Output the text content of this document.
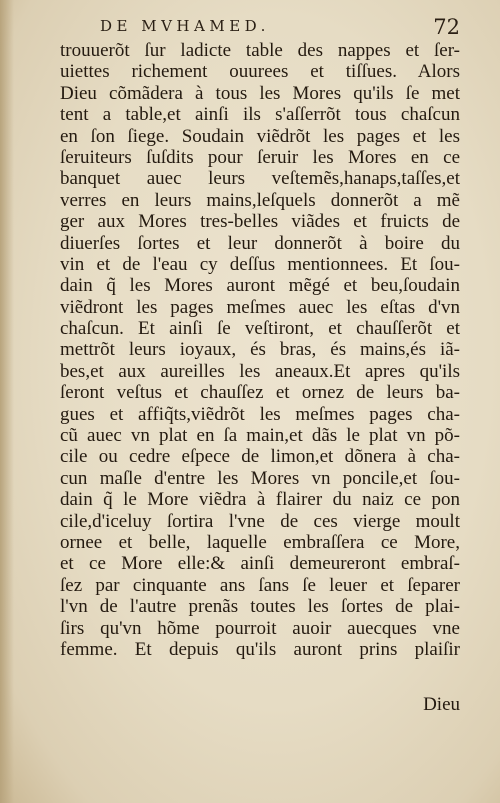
DE MVHAMED.	72
trouuerõt ſur ladicte table des nappes et ſer-
uiettes richement ouurees et tiſſues. Alors
Dieu cõmãdera à tous les Mores qu'ils ſe met
tent a table,et ainſi ils s'aſſerrõt tous chaſcun
en ſon ſiege. Soudain viẽdrõt les pages et les
ſeruiteurs ſuſdits pour ſeruir les Mores en ce
banquet auec leurs veſtemẽs,hanaps,taſſes,et
verres en leurs mains,leſquels donnerõt a mẽ
ger aux Mores tres-belles viãdes et fruicts de
diuerſes ſortes et leur donnerõt à boire du
vin et de l'eau cy deſſus mentionnees. Et ſou-
dain q̃ les Mores auront mẽgé et beu,ſoudain
viẽdront les pages meſmes auec les eſtas d'vn
chaſcun. Et ainſi ſe veſtiront, et chauſſerõt et
mettrõt leurs ioyaux, és bras, és mains,és iã-
bes,et aux aureilles les aneaux.Et apres qu'ils
ſeront veſtus et chauſſez et ornez de leurs ba-
gues et affiq̃ts,viẽdrõt les meſmes pages cha-
cũ auec vn plat en ſa main,et dãs le plat vn põ-
cile ou cedre eſpece de limon,et dõnera à cha-
cun maſle d'entre les Mores vn poncile,et ſou-
dain q̃ le More viẽdra à flairer du naiz ce pon
cile,d'iceluy ſortira l'vne de ces vierge moult
ornee et belle, laquelle embraſſera ce More,
et ce More elle:& ainſi demeureront embraſ-
ſez par cinquante ans ſans ſe leuer et ſeparer
l'vn de l'autre prenãs toutes les ſortes de plai-
ſirs qu'vn hõme pourroit auoir auecques vne
femme. Et depuis qu'ils auront prins plaiſir
Dieu
